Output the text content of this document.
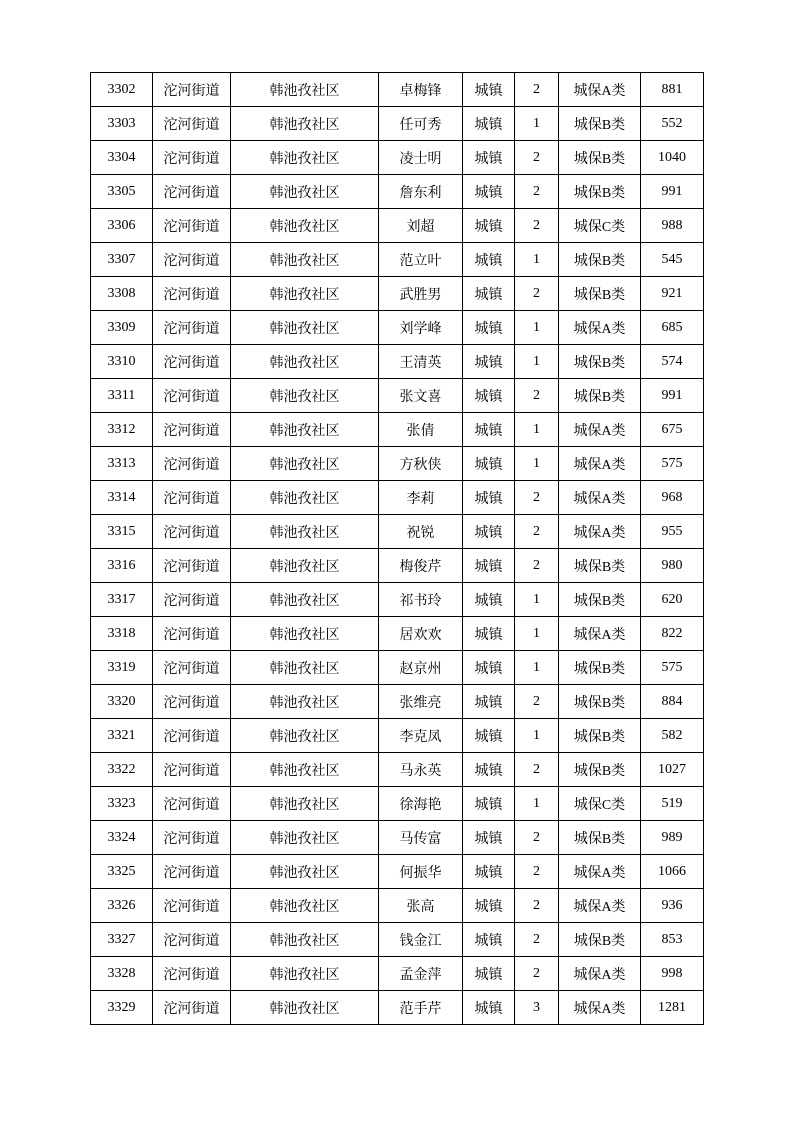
3302	沱河街道	韩池孜社区	卓梅锋	城镇	2	城保A类	881
3303	沱河街道	韩池孜社区	任可秀	城镇	1	城保B类	552
3304	沱河街道	韩池孜社区	凌士明	城镇	2	城保B类	1040
3305	沱河街道	韩池孜社区	詹东利	城镇	2	城保B类	991
3306	沱河街道	韩池孜社区	刘超	城镇	2	城保C类	988
3307	沱河街道	韩池孜社区	范立叶	城镇	1	城保B类	545
3308	沱河街道	韩池孜社区	武胜男	城镇	2	城保B类	921
3309	沱河街道	韩池孜社区	刘学峰	城镇	1	城保A类	685
3310	沱河街道	韩池孜社区	王清英	城镇	1	城保B类	574
3311	沱河街道	韩池孜社区	张文喜	城镇	2	城保B类	991
3312	沱河街道	韩池孜社区	张倩	城镇	1	城保A类	675
3313	沱河街道	韩池孜社区	方秋侠	城镇	1	城保A类	575
3314	沱河街道	韩池孜社区	李莉	城镇	2	城保A类	968
3315	沱河街道	韩池孜社区	祝锐	城镇	2	城保A类	955
3316	沱河街道	韩池孜社区	梅俊芹	城镇	2	城保B类	980
3317	沱河街道	韩池孜社区	祁书玲	城镇	1	城保B类	620
3318	沱河街道	韩池孜社区	居欢欢	城镇	1	城保A类	822
3319	沱河街道	韩池孜社区	赵京州	城镇	1	城保B类	575
3320	沱河街道	韩池孜社区	张维亮	城镇	2	城保B类	884
3321	沱河街道	韩池孜社区	李克凤	城镇	1	城保B类	582
3322	沱河街道	韩池孜社区	马永英	城镇	2	城保B类	1027
3323	沱河街道	韩池孜社区	徐海艳	城镇	1	城保C类	519
3324	沱河街道	韩池孜社区	马传富	城镇	2	城保B类	989
3325	沱河街道	韩池孜社区	何振华	城镇	2	城保A类	1066
3326	沱河街道	韩池孜社区	张高	城镇	2	城保A类	936
3327	沱河街道	韩池孜社区	钱金江	城镇	2	城保B类	853
3328	沱河街道	韩池孜社区	孟金萍	城镇	2	城保A类	998
3329	沱河街道	韩池孜社区	范手芹	城镇	3	城保A类	1281
